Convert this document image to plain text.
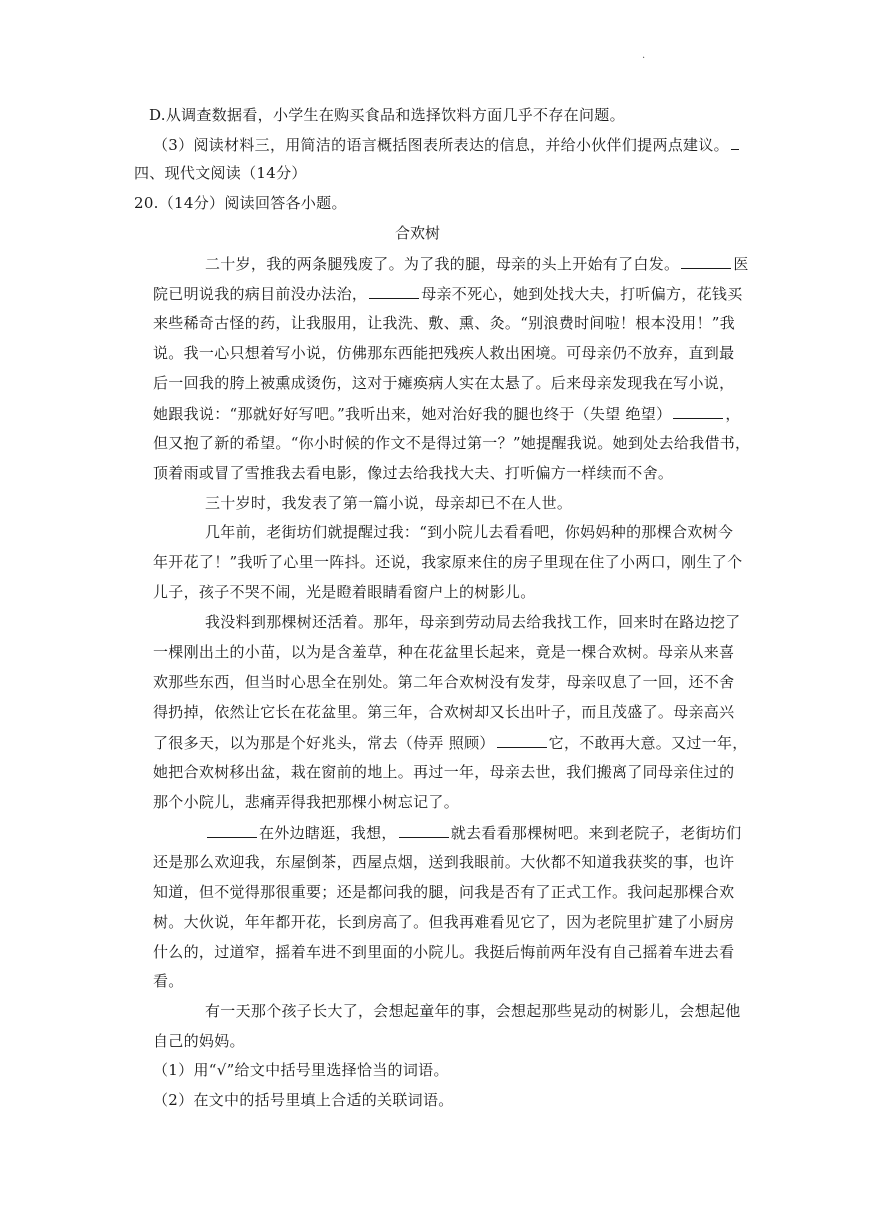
.
D.从调查数据看，小学生在购买食品和选择饮料方面几乎不存在问题。
（3）阅读材料三，用简洁的语言概括图表所表达的信息，并给小伙伴们提两点建议。
四、现代文阅读（14分）
20.（14分）阅读回答各小题。
合欢树
二十岁，我的两条腿残废了。为了我的腿，母亲的头上开始有了白发。	医
院已明说我的病目前没办法治，	母亲不死心，她到处找大夫，打听偏方，花钱买
来些稀奇古怪的药，让我服用，让我洗、敷、熏、灸。“别浪费时间啦！根本没用！”我
说。我一心只想着写小说，仿佛那东西能把残疾人救出困境。可母亲仍不放弃，直到最
后一回我的胯上被熏成烫伤，这对于瘫痪病人实在太悬了。后来母亲发现我在写小说，
她跟我说：“那就好好写吧。”我听出来，她对治好我的腿也终于（失望 绝望）	，
但又抱了新的希望。“你小时候的作文不是得过第一？”她提醒我说。她到处去给我借书，
顶着雨或冒了雪推我去看电影，像过去给我找大夫、打听偏方一样续而不舍。
三十岁时，我发表了第一篇小说，母亲却已不在人世。
几年前，老街坊们就提醒过我：“到小院儿去看看吧，你妈妈种的那棵合欢树今
年开花了！”我听了心里一阵抖。还说，我家原来住的房子里现在住了小两口，刚生了个
儿子，孩子不哭不闹，光是瞪着眼睛看窗户上的树影儿。
我没料到那棵树还活着。那年，母亲到劳动局去给我找工作，回来时在路边挖了
一棵刚出土的小苗，以为是含羞草，种在花盆里长起来，竟是一棵合欢树。母亲从来喜
欢那些东西，但当时心思全在别处。第二年合欢树没有发芽，母亲叹息了一回，还不舍
得扔掉，依然让它长在花盆里。第三年，合欢树却又长出叶子，而且茂盛了。母亲高兴
了很多天，以为那是个好兆头，常去（侍弄 照顾）	它，不敢再大意。又过一年，
她把合欢树移出盆，栽在窗前的地上。再过一年，母亲去世，我们搬离了同母亲住过的
那个小院儿，悲痛弄得我把那棵小树忘记了。
在外边瞎逛，我想，	就去看看那棵树吧。来到老院子，老街坊们
还是那么欢迎我，东屋倒茶，西屋点烟，送到我眼前。大伙都不知道我获奖的事，也许
知道，但不觉得那很重要；还是都问我的腿，问我是否有了正式工作。我问起那棵合欢
树。大伙说，年年都开花，长到房高了。但我再难看见它了，因为老院里扩建了小厨房
什么的，过道窄，摇着车进不到里面的小院儿。我挺后悔前两年没有自己摇着车进去看
看。
有一天那个孩子长大了，会想起童年的事，会想起那些晃动的树影儿，会想起他
自己的妈妈。
（1）用“√”给文中括号里选择恰当的词语。
（2）在文中的括号里填上合适的关联词语。
